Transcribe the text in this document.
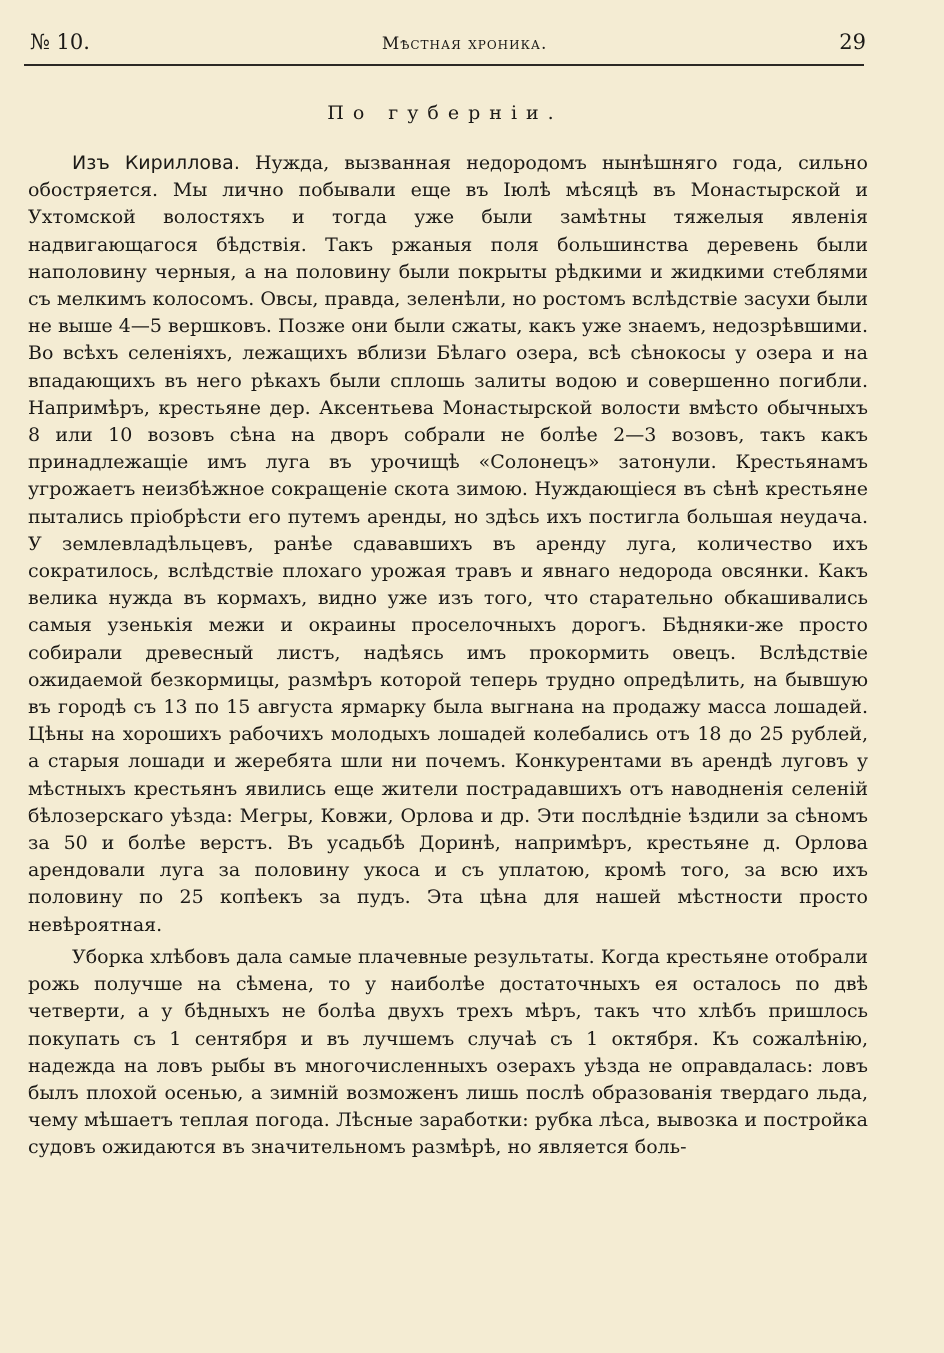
№ 10.	Мѣстная хроника.	29
По губерніи.

Изъ Кириллова. Нужда, вызванная недородомъ нынѣшняго года, сильно обостряется. Мы лично побывали еще въ Іюлѣ мѣсяцѣ въ Монастырской и Ухтомской волостяхъ и тогда уже были замѣтны тяжелыя явленія надвигающагося бѣдствія. Такъ ржаныя поля большинства деревень были наполовину черныя, а на половину были покрыты рѣдкими и жидкими стеблями съ мелкимъ колосомъ. Овсы, правда, зеленѣли, но ростомъ вслѣдствіе засухи были не выше 4—5 вершковъ. Позже они были сжаты, какъ уже знаемъ, недозрѣвшими. Во всѣхъ селеніяхъ, лежащихъ вблизи Бѣлаго озера, всѣ сѣнокосы у озера и на впадающихъ въ него рѣкахъ были сплошь залиты водою и совершенно погибли. Напримѣръ, крестьяне дер. Аксентьева Монастырской волости вмѣсто обычныхъ 8 или 10 возовъ сѣна на дворъ собрали не болѣе 2—3 возовъ, такъ какъ принадлежащіе имъ луга въ урочищѣ «Солонецъ» затонули. Крестьянамъ угрожаетъ неизбѣжное сокращеніе скота зимою. Нуждающіеся въ сѣнѣ крестьяне пытались пріобрѣсти его путемъ аренды, но здѣсь ихъ постигла большая неудача. У землевладѣльцевъ, ранѣе сдававшихъ въ аренду луга, количество ихъ сократилось, вслѣдствіе плохаго урожая травъ и явнаго недорода овсянки. Какъ велика нужда въ кормахъ, видно уже изъ того, что старательно обкашивались самыя узенькія межи и окраины проселочныхъ дорогъ. Бѣдняки-же просто собирали древесный листъ, надѣясь имъ прокормить овецъ. Вслѣдствіе ожидаемой безкормицы, размѣръ которой теперь трудно опредѣлить, на бывшую въ городѣ съ 13 по 15 августа ярмарку была выгнана на продажу масса лошадей. Цѣны на хорошихъ рабочихъ молодыхъ лошадей колебались отъ 18 до 25 рублей, а старыя лошади и жеребята шли ни почемъ. Конкурентами въ арендѣ луговъ у мѣстныхъ крестьянъ явились еще жители пострадавшихъ отъ наводненія селеній бѣлозерскаго уѣзда: Мегры, Ковжи, Орлова и др. Эти послѣдніе ѣздили за сѣномъ за 50 и болѣе верстъ. Въ усадьбѣ Доринѣ, напримѣръ, крестьяне д. Орлова арендовали луга за половину укоса и съ уплатою, кромѣ того, за всю ихъ половину по 25 копѣекъ за пудъ. Эта цѣна для нашей мѣстности просто невѣроятная.

Уборка хлѣбовъ дала самые плачевные результаты. Когда крестьяне отобрали рожь получше на сѣмена, то у наиболѣе достаточныхъ ея осталось по двѣ четверти, а у бѣдныхъ не болѣа двухъ трехъ мѣръ, такъ что хлѣбъ пришлось покупать съ 1 сентября и въ лучшемъ случаѣ съ 1 октября. Къ сожалѣнію, надежда на ловъ рыбы въ многочисленныхъ озерахъ уѣзда не оправдалась: ловъ былъ плохой осенью, а зимній возможенъ лишь послѣ образованія твердаго льда, чему мѣшаетъ теплая погода. Лѣсные заработки: рубка лѣса, вывозка и постройка судовъ ожидаются въ значительномъ размѣрѣ, но является боль-
